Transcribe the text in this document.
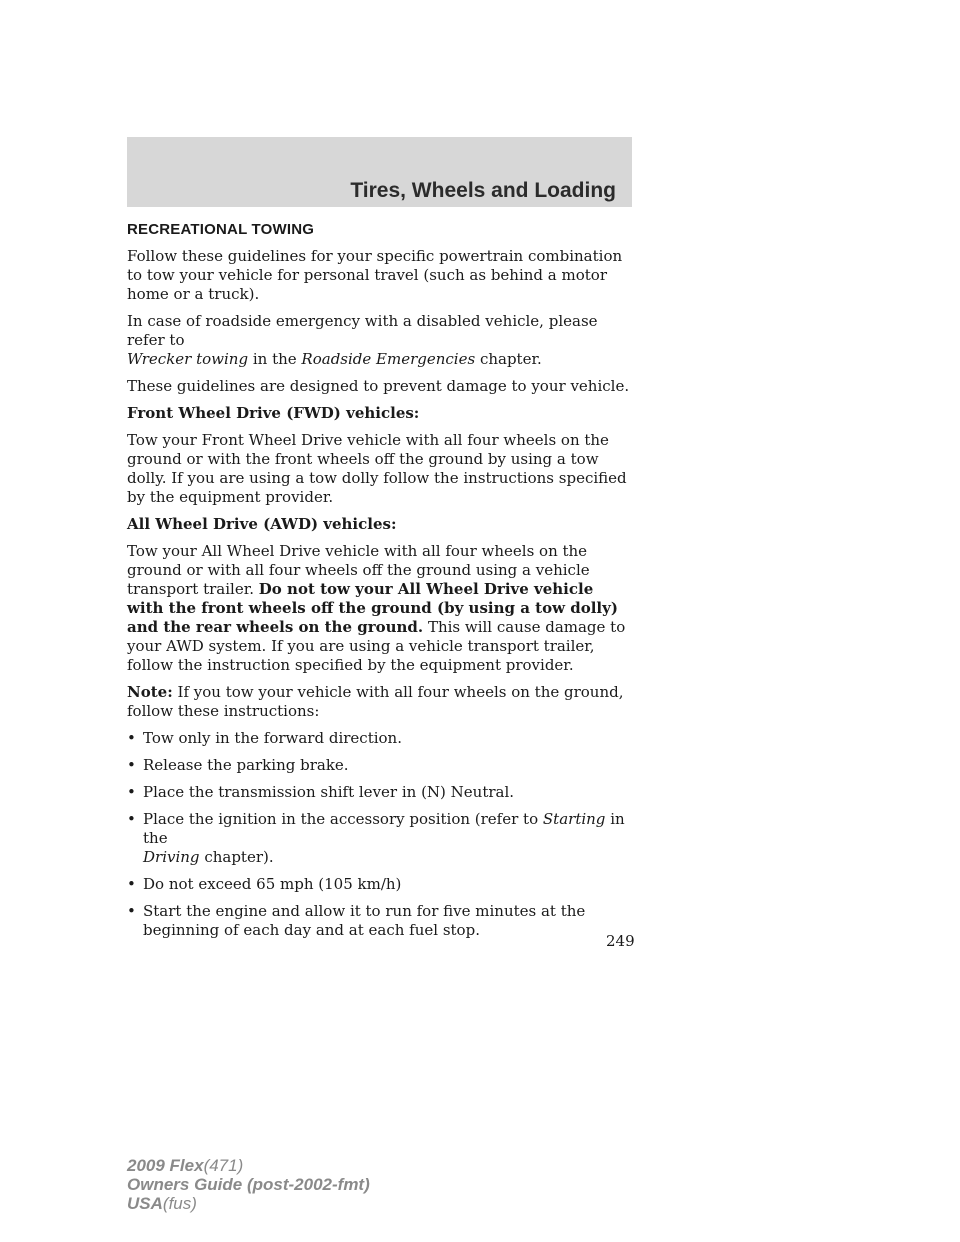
Tires, Wheels and Loading
RECREATIONAL TOWING

Follow these guidelines for your specific powertrain combination to tow your vehicle for personal travel (such as behind a motor home or a truck).

In case of roadside emergency with a disabled vehicle, please refer to
Wrecker towing in the Roadside Emergencies chapter.

These guidelines are designed to prevent damage to your vehicle.

Front Wheel Drive (FWD) vehicles:

Tow your Front Wheel Drive vehicle with all four wheels on the ground or with the front wheels off the ground by using a tow dolly. If you are using a tow dolly follow the instructions specified by the equipment provider.

All Wheel Drive (AWD) vehicles:

Tow your All Wheel Drive vehicle with all four wheels on the ground or with all four wheels off the ground using a vehicle transport trailer. Do not tow your All Wheel Drive vehicle with the front wheels off the ground (by using a tow dolly) and the rear wheels on the ground. This will cause damage to your AWD system. If you are using a vehicle transport trailer, follow the instruction specified by the equipment provider.

Note: If you tow your vehicle with all four wheels on the ground, follow these instructions:

• Tow only in the forward direction.
• Release the parking brake.
• Place the transmission shift lever in (N) Neutral.
• Place the ignition in the accessory position (refer to Starting in the
Driving chapter).
• Do not exceed 65 mph (105 km/h)
• Start the engine and allow it to run for five minutes at the beginning of each day and at each fuel stop.
249
2009 Flex(471)
Owners Guide (post-2002-fmt)
USA(fus)
